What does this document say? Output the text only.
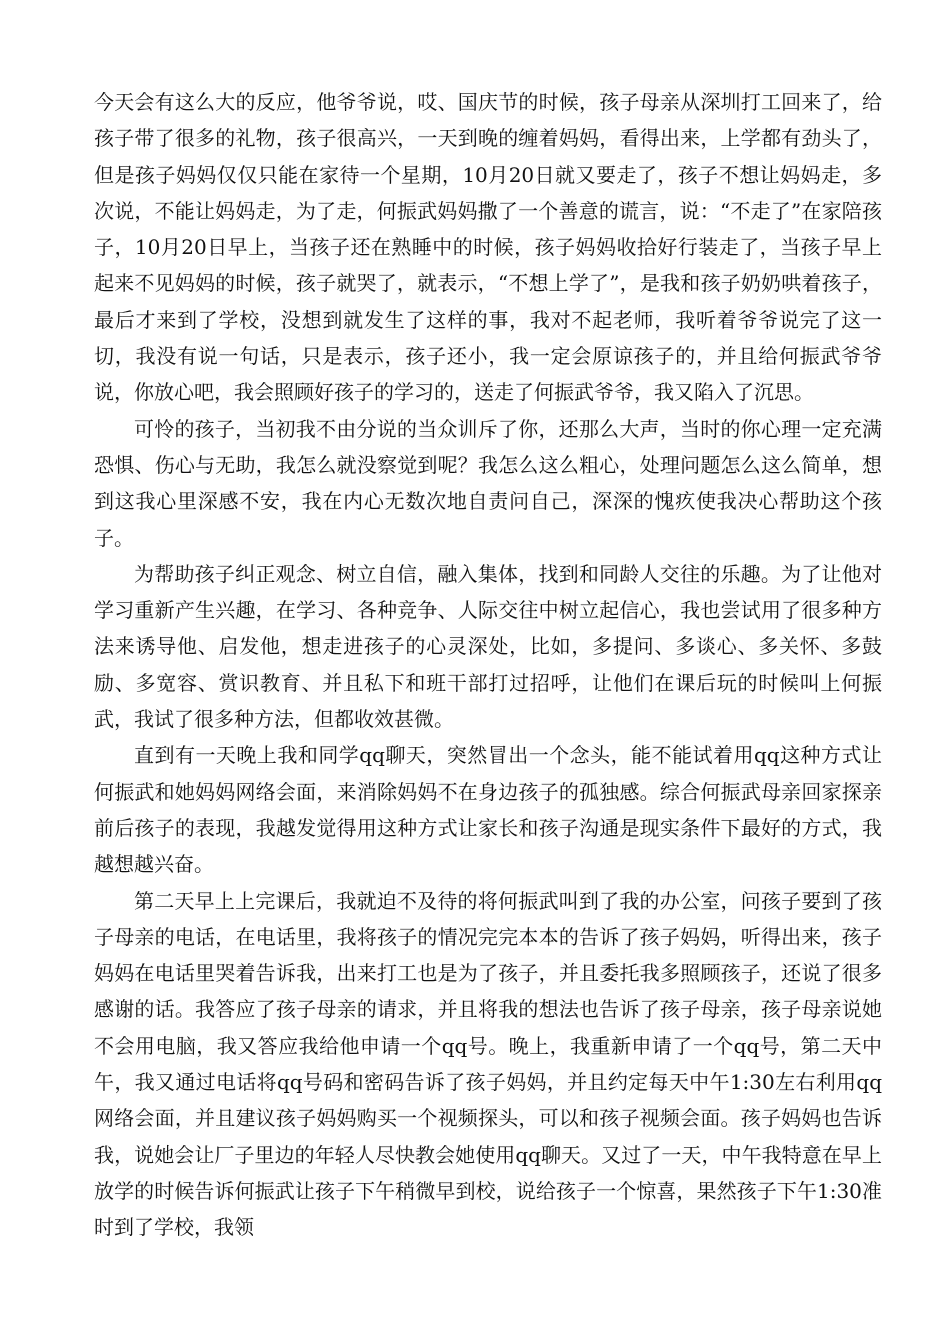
今天会有这么大的反应，他爷爷说，哎、国庆节的时候，孩子母亲从深圳打工回来了，给孩子带了很多的礼物，孩子很高兴，一天到晚的缠着妈妈，看得出来，上学都有劲头了，但是孩子妈妈仅仅只能在家待一个星期，10月20日就又要走了，孩子不想让妈妈走，多次说，不能让妈妈走，为了走，何振武妈妈撒了一个善意的谎言，说：“不走了”在家陪孩子，10月20日早上，当孩子还在熟睡中的时候，孩子妈妈收拾好行装走了，当孩子早上起来不见妈妈的时候，孩子就哭了，就表示，“不想上学了”，是我和孩子奶奶哄着孩子，最后才来到了学校，没想到就发生了这样的事，我对不起老师，我听着爷爷说完了这一切，我没有说一句话，只是表示，孩子还小，我一定会原谅孩子的，并且给何振武爷爷说，你放心吧，我会照顾好孩子的学习的，送走了何振武爷爷，我又陷入了沉思。

可怜的孩子，当初我不由分说的当众训斥了你，还那么大声，当时的你心理一定充满恐惧、伤心与无助，我怎么就没察觉到呢？我怎么这么粗心，处理问题怎么这么简单，想到这我心里深感不安，我在内心无数次地自责问自己，深深的愧疚使我决心帮助这个孩子。

为帮助孩子纠正观念、树立自信，融入集体，找到和同龄人交往的乐趣。为了让他对学习重新产生兴趣，在学习、各种竞争、人际交往中树立起信心，我也尝试用了很多种方法来诱导他、启发他，想走进孩子的心灵深处，比如，多提问、多谈心、多关怀、多鼓励、多宽容、赏识教育、并且私下和班干部打过招呼，让他们在课后玩的时候叫上何振武，我试了很多种方法，但都收效甚微。

直到有一天晚上我和同学qq聊天，突然冒出一个念头，能不能试着用qq这种方式让何振武和她妈妈网络会面，来消除妈妈不在身边孩子的孤独感。综合何振武母亲回家探亲前后孩子的表现，我越发觉得用这种方式让家长和孩子沟通是现实条件下最好的方式，我越想越兴奋。

第二天早上上完课后，我就迫不及待的将何振武叫到了我的办公室，问孩子要到了孩子母亲的电话，在电话里，我将孩子的情况完完本本的告诉了孩子妈妈，听得出来，孩子妈妈在电话里哭着告诉我，出来打工也是为了孩子，并且委托我多照顾孩子，还说了很多感谢的话。我答应了孩子母亲的请求，并且将我的想法也告诉了孩子母亲，孩子母亲说她不会用电脑，我又答应我给他申请一个qq号。晚上，我重新申请了一个qq号，第二天中午，我又通过电话将qq号码和密码告诉了孩子妈妈，并且约定每天中午1:30左右利用qq网络会面，并且建议孩子妈妈购买一个视频探头，可以和孩子视频会面。孩子妈妈也告诉我，说她会让厂子里边的年轻人尽快教会她使用qq聊天。又过了一天，中午我特意在早上放学的时候告诉何振武让孩子下午稍微早到校，说给孩子一个惊喜，果然孩子下午1:30准时到了学校，我领
